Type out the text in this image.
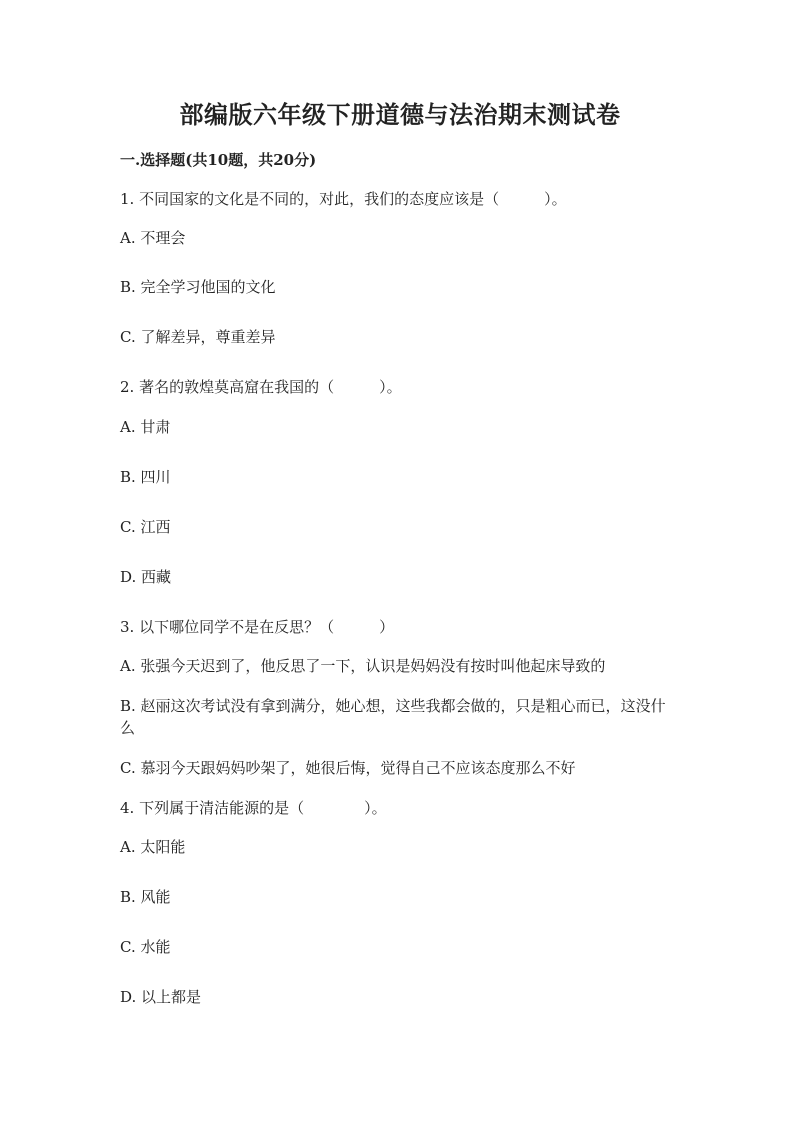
部编版六年级下册道德与法治期末测试卷
一.选择题(共10题，共20分)
1. 不同国家的文化是不同的，对此，我们的态度应该是（　　　）。
A. 不理会
B. 完全学习他国的文化
C. 了解差异，尊重差异
2. 著名的敦煌莫高窟在我国的（　　　）。
A. 甘肃
B. 四川
C. 江西
D. 西藏
3. 以下哪位同学不是在反思？（　　　）
A. 张强今天迟到了，他反思了一下，认识是妈妈没有按时叫他起床导致的
B. 赵丽这次考试没有拿到满分，她心想，这些我都会做的，只是粗心而已，这没什么
C. 慕羽今天跟妈妈吵架了，她很后悔，觉得自己不应该态度那么不好
4. 下列属于清洁能源的是（　　　　）。
A. 太阳能
B. 风能
C. 水能
D. 以上都是
